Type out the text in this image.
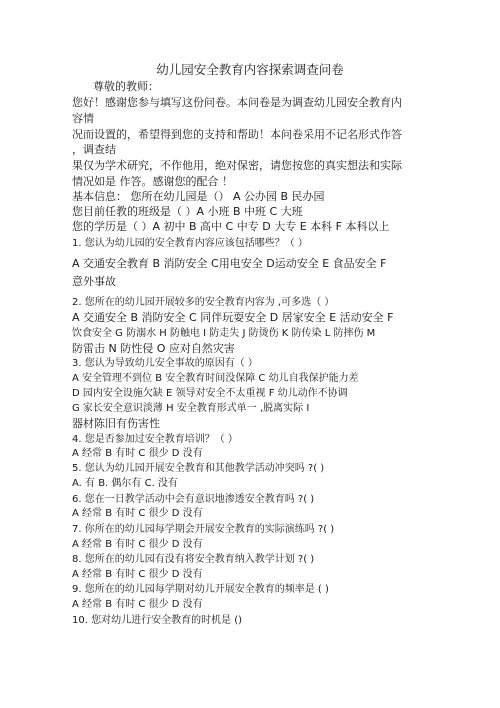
幼儿园安全教育内容探索调查问卷
尊敬的教师：
您好！感谢您参与填写这份问卷。本问卷是为调查幼儿园安全教育内
容情
况而设置的，希望得到您的支持和帮助！本问卷采用不记名形式作答
，调查结
果仅为学术研究，不作他用，绝对保密，请您按您的真实想法和实际
情况如是 作答。感谢您的配合 ！
基本信息： 您所在幼儿园是（） A 公办园 B 民办园
您目前任教的班级是（ ）A 小班 B 中班 C 大班
您的学历是（ ）A 初中 B 高中 C 中专 D 大专 E 本科 F 本科以上
1. 您认为幼儿园的安全教育内容应该包括哪些？（ ）
A 交通安全教育 B 消防安全 C用电安全 D运动安全 E 食品安全 F
意外事故
2. 您所在的幼儿园开展较多的安全教育内容为 ,可多选（ ）
A 交通安全 B 消防安全 C 同伴玩耍安全 D 居家安全 E 活动安全 F
饮食安全 G 防溺水 H 防触电 I 防走失 J 防烫伤 K 防传染 L 防摔伤 M
防雷击 N 防性侵 O 应对自然灾害
3. 您认为导致幼儿安全事故的原因有（ ）
A 安全管理不到位 B 安全教育时间没保障 C 幼儿自我保护能力差
D 园内安全设施欠缺 E 领导对安全不太重视 F 幼儿动作不协调
G 家长安全意识淡薄 H 安全教育形式单一 ,脱离实际 I
器材陈旧有伤害性
4. 您是否参加过安全教育培训？（ ）
A 经常 B 有时 C 很少 D 没有
5. 您认为幼儿园开展安全教育和其他教学活动冲突吗 ?( )
A. 有 B. 偶尔有 C. 没有
6. 您在一日教学活动中会有意识地渗透安全教育吗 ?( )
A 经常 B 有时 C 很少 D 没有
7. 你所在的幼儿园每学期会开展安全教育的实际演练吗 ?( )
A 经常 B 有时 C 很少 D 没有
8. 您所在的幼儿园有没有将安全教育纳入教学计划 ?( )
A 经常 B 有时 C 很少 D 没有
9. 您所在的幼儿园每学期对幼儿开展安全教育的频率是 ( )
A 经常 B 有时 C 很少 D 没有
10. 您对幼儿进行安全教育的时机是 ()
